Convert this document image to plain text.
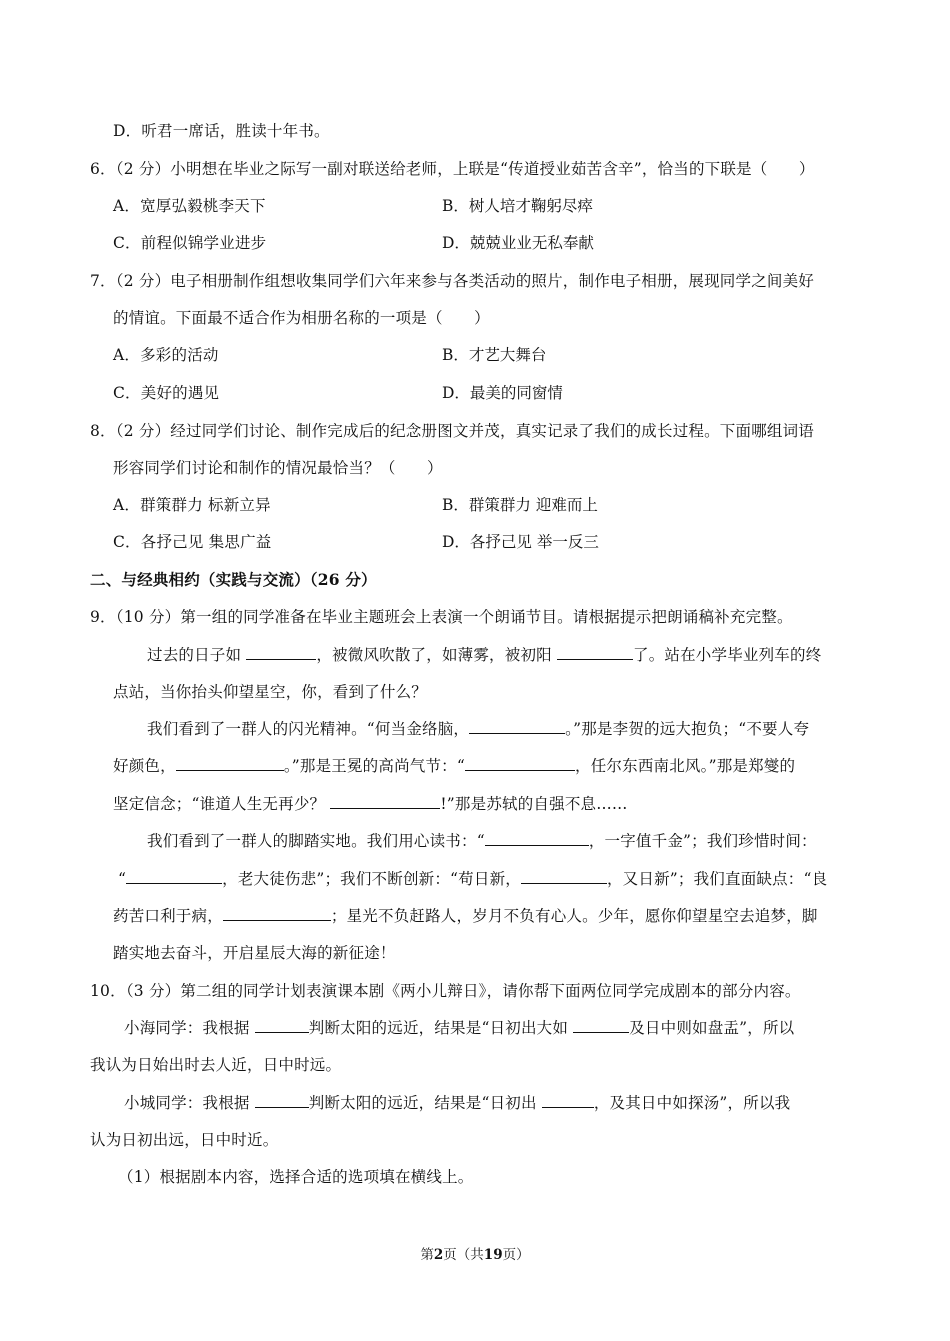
D．听君一席话，胜读十年书。
6．（2 分）小明想在毕业之际写一副对联送给老师，上联是“传道授业茹苦含辛”，恰当的下联是（　　）
A．宽厚弘毅桃李天下	B．树人培才鞠躬尽瘁
C．前程似锦学业进步	D．兢兢业业无私奉献
7．（2 分）电子相册制作组想收集同学们六年来参与各类活动的照片，制作电子相册，展现同学之间美好
的情谊。下面最不适合作为相册名称的一项是（　　）
A．多彩的活动	B．才艺大舞台
C．美好的遇见	D．最美的同窗情
8．（2 分）经过同学们讨论、制作完成后的纪念册图文并茂，真实记录了我们的成长过程。下面哪组词语
形容同学们讨论和制作的情况最恰当？（　　）
A．群策群力 标新立异	B．群策群力 迎难而上
C．各抒己见 集思广益	D．各抒己见 举一反三
二、与经典相约（实践与交流）（26 分）
9．（10 分）第一组的同学准备在毕业主题班会上表演一个朗诵节目。请根据提示把朗诵稿补充完整。
过去的日子如	，被微风吹散了，如薄雾，被初阳	了。站在小学毕业列车的终
点站，当你抬头仰望星空，你，看到了什么？
我们看到了一群人的闪光精神。“何当金络脑，	。”那是李贺的远大抱负；“不要人夸
好颜色，	。”那是王冕的高尚气节：“	，任尔东西南北风。”那是郑燮的
坚定信念；“谁道人生无再少？	!”那是苏轼的自强不息……
我们看到了一群人的脚踏实地。我们用心读书：“	，一字值千金”；我们珍惜时间：
“	，老大徒伤悲”；我们不断创新：“苟日新，	，又日新”；我们直面缺点：“良
药苦口利于病，	；星光不负赶路人，岁月不负有心人。少年，愿你仰望星空去追梦，脚
踏实地去奋斗，开启星辰大海的新征途！
10．（3 分）第二组的同学计划表演课本剧《两小儿辩日》，请你帮下面两位同学完成剧本的部分内容。
小海同学：我根据	判断太阳的远近，结果是“日初出大如	及日中则如盘盂”，所以
我认为日始出时去人近，日中时远。
小城同学：我根据	判断太阳的远近，结果是“日初出	，及其日中如探汤”，所以我
认为日初出远，日中时近。
（1）根据剧本内容，选择合适的选项填在横线上。
第2页（共19页）
